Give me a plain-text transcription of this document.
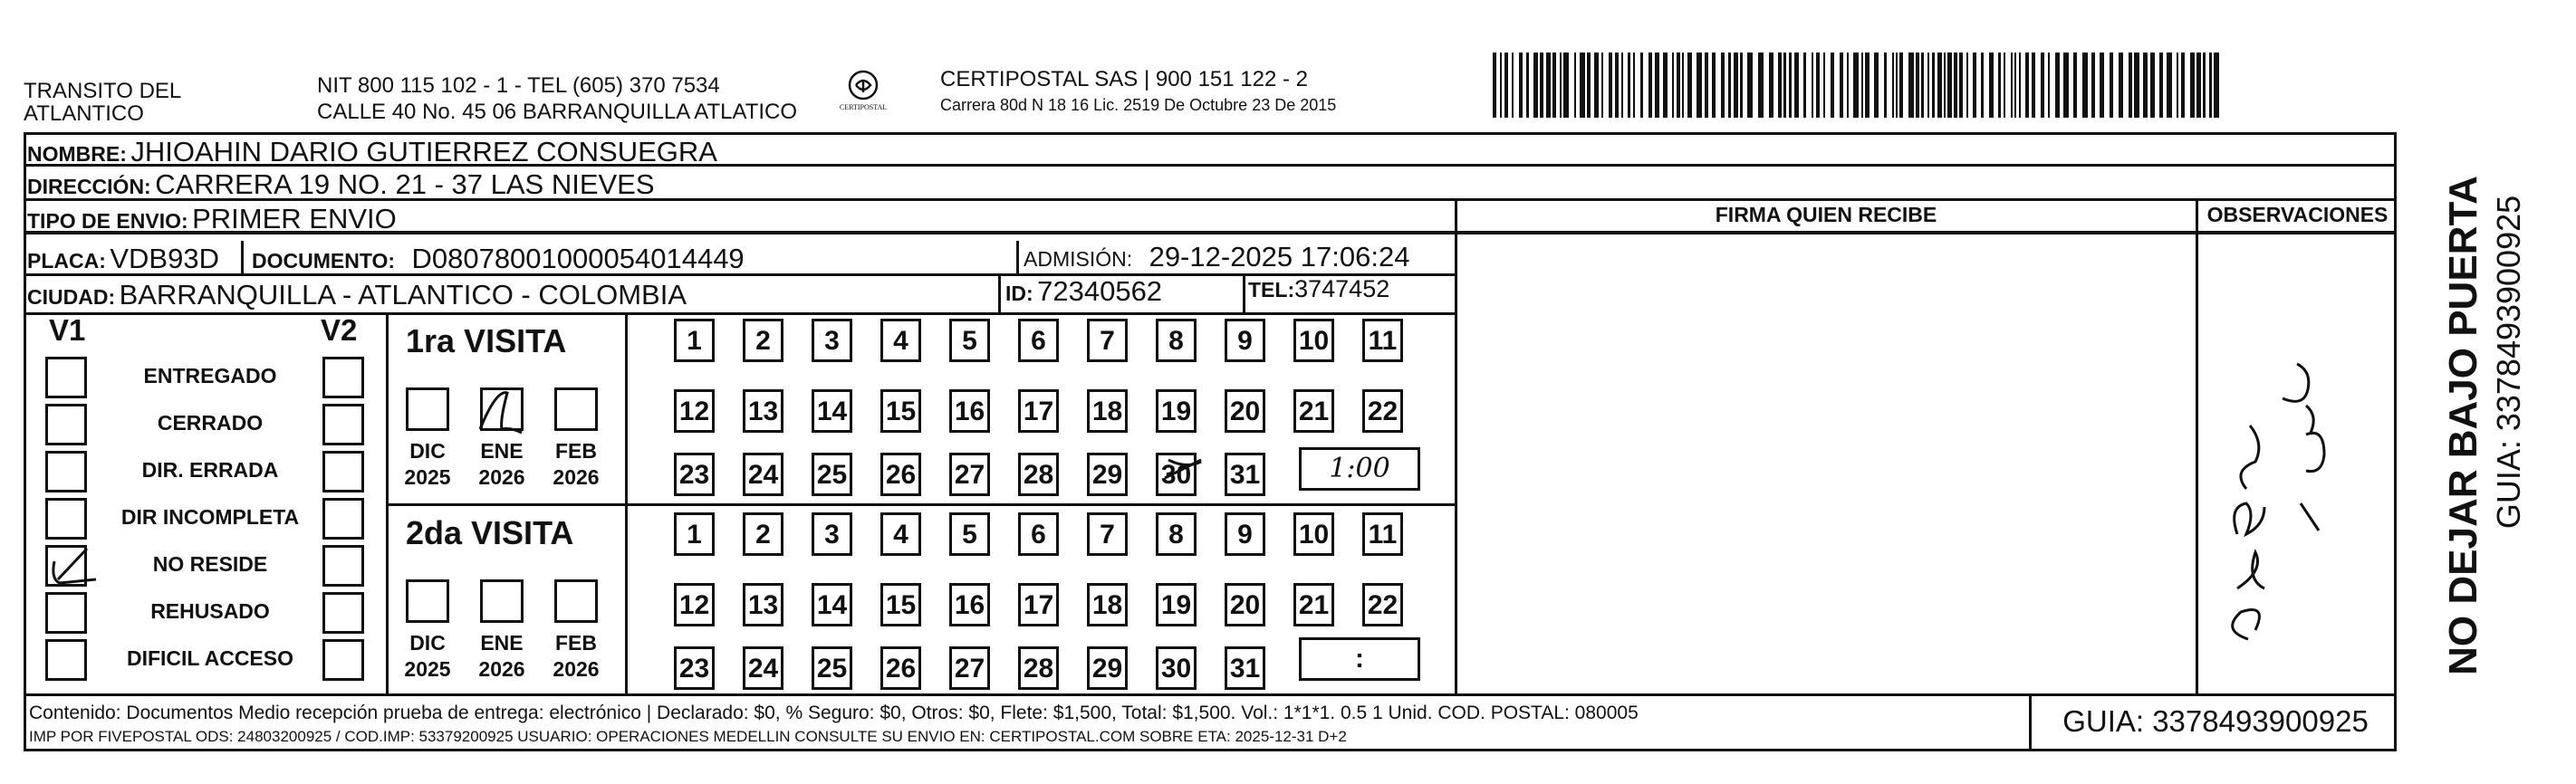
TRANSITO DEL
ATLANTICO
NIT 800 115 102 - 1 - TEL (605) 370 7534
CALLE 40 No. 45 06 BARRANQUILLA ATLATICO	CERTIPOSTAL
CERTIPOSTAL SAS | 900 151 122 - 2
Carrera 80d N 18 16 Lic. 2519 De Octubre 23 De 2015
NOMBRE: JHIOAHIN DARIO GUTIERREZ CONSUEGRA
DIRECCIÓN: CARRERA 19 NO. 21 - 37 LAS NIEVES
TIPO DE ENVIO: PRIMER ENVIO
PLACA: VDB93D DOCUMENTO: D08078001000054014449	ADMISIÓN: 29-12-2025 17:06:24
CIUDAD: BARRANQUILLA - ATLANTICO - COLOMBIA	ID: 72340562	TEL:3747452
FIRMA QUIEN RECIBE	OBSERVACIONES
V1	V2
ENTREGADO
CERRADO
DIR. ERRADA
DIR INCOMPLETA
NO RESIDE
REHUSADO
DIFICIL ACCESO
1ra VISITA
DIC
2025
ENE
2026
FEB
2026
1	2	3	4	5	6	7	8	9	10 11
12 13 14 15 16 17 18 19 20 21 22
23 24 25 26 27 28 29 30 31
2da VISITA
DIC
2025
ENE
2026
FEB
2026
1	2	3	4	5	6	7	8	9	10 11
12 13 14 15 16 17 18 19 20 21 22
23 24 25 26 27 28 29 30 31
1:00
:
Contenido: Documentos Medio recepción prueba de entrega: electrónico | Declarado: $0, % Seguro: $0, Otros: $0, Flete: $1,500, Total: $1,500. Vol.: 1*1*1. 0.5 1 Unid. COD. POSTAL: 080005
IMP POR FIVEPOSTAL ODS: 24803200925 / COD.IMP: 53379200925 USUARIO: OPERACIONES MEDELLIN CONSULTE SU ENVIO EN: CERTIPOSTAL.COM SOBRE ETA: 2025-12-31 D+2	GUIA: 3378493900925
NO DEJAR BAJO PUERTA GUIA: 3378493900925
